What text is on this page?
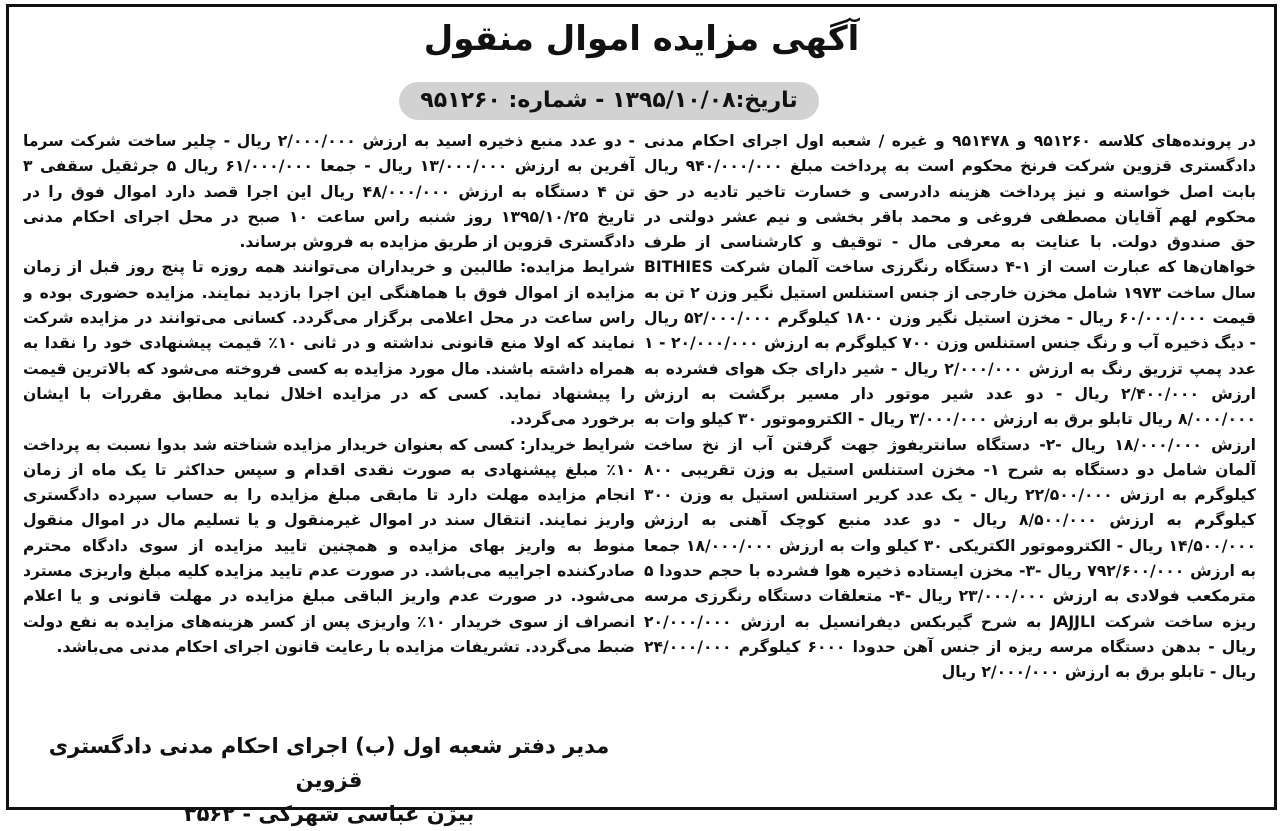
آگهی مزایده اموال منقول
تاریخ:۱۳۹۵/۱۰/۰۸ - شماره: ۹۵۱۲۶۰

در پرونده‌های کلاسه ۹۵۱۲۶۰ و ۹۵۱۴۷۸ و غیره / شعبه اول اجرای احکام مدنی دادگستری قزوین شرکت فرنخ محکوم است به پرداخت مبلغ ۹۴۰/۰۰۰/۰۰۰ ریال بابت اصل خواسته و نیز پرداخت هزینه دادرسی و خسارت تاخیر تادیه در حق محکوم لهم آقایان مصطفی فروغی و محمد باقر بخشی و نیم عشر دولتی در حق صندوق دولت. با عنایت به معرفی مال - توقیف و کارشناسی از طرف خواهان‌ها که عبارت است از ۱-۴ دستگاه رنگرزی ساخت آلمان شرکت BITHIES سال ساخت ۱۹۷۳ شامل مخزن خارجی از جنس استنلس استیل نگیر وزن ۲ تن به قیمت ۶۰/۰۰۰/۰۰۰ ریال - مخزن استیل نگیر وزن ۱۸۰۰ کیلوگرم ۵۲/۰۰۰/۰۰۰ ریال - دیگ ذخیره آب و رنگ جنس استنلس وزن ۷۰۰ کیلوگرم به ارزش ۲۰/۰۰۰/۰۰۰ - ۱ عدد پمپ تزریق رنگ به ارزش ۲/۰۰۰/۰۰۰ ریال - شیر دارای جک هوای فشرده به ارزش ۲/۴۰۰/۰۰۰ ریال - دو عدد شیر موتور دار مسیر برگشت به ارزش ۸/۰۰۰/۰۰۰ ریال تابلو برق به ارزش ۳/۰۰۰/۰۰۰ ریال - الکتروموتور ۳۰ کیلو وات به ارزش ۱۸/۰۰۰/۰۰۰ ریال -۲- دستگاه سانتریفوژ جهت گرفتن آب از نخ ساخت آلمان شامل دو دستگاه به شرح ۱- مخزن استنلس استیل به وزن تقریبی ۸۰۰ کیلوگرم به ارزش ۲۲/۵۰۰/۰۰۰ ریال - یک عدد کریر استنلس استیل به وزن ۳۰۰ کیلوگرم به ارزش ۸/۵۰۰/۰۰۰ ریال - دو عدد منبع کوچک آهنی به ارزش ۱۴/۵۰۰/۰۰۰ ریال - الکتروموتور الکتریکی ۳۰ کیلو وات به ارزش ۱۸/۰۰۰/۰۰۰ جمعا به ارزش ۷۹۲/۶۰۰/۰۰۰ ریال -۳- مخزن ایستاده ذخیره هوا فشرده با حجم حدودا ۵ مترمکعب فولادی به ارزش ۲۳/۰۰۰/۰۰۰ ریال -۴- متعلقات دستگاه رنگرزی مرسه ریزه ساخت شرکت JAJJLI به شرح گیربکس دیفرانسیل به ارزش ۲۰/۰۰۰/۰۰۰ ریال - بدهن دستگاه مرسه ریزه از جنس آهن حدودا ۶۰۰۰ کیلوگرم ۲۴/۰۰۰/۰۰۰ ریال - تابلو برق به ارزش ۲/۰۰۰/۰۰۰ ریال

- دو عدد منبع ذخیره اسید به ارزش ۲/۰۰۰/۰۰۰ ریال - چلیر ساخت شرکت سرما آفرین به ارزش ۱۳/۰۰۰/۰۰۰ ریال - جمعا ۶۱/۰۰۰/۰۰۰ ریال ۵ جرثقیل سقفی ۳ تن ۴ دستگاه به ارزش ۴۸/۰۰۰/۰۰۰ ریال این اجرا قصد دارد اموال فوق را در تاریخ ۱۳۹۵/۱۰/۲۵ روز شنبه راس ساعت ۱۰ صبح در محل اجرای احکام مدنی دادگستری قزوین از طریق مزایده به فروش برساند.

شرایط مزایده: طالبین و خریداران می‌توانند همه روزه تا پنج روز قبل از زمان مزایده از اموال فوق با هماهنگی این اجرا بازدید نمایند. مزایده حضوری بوده و راس ساعت در محل اعلامی برگزار می‌گردد. کسانی می‌توانند در مزایده شرکت نمایند که اولا منع قانونی نداشته و در ثانی ۱۰٪ قیمت پیشنهادی خود را نقدا به همراه داشته باشند. مال مورد مزایده به کسی فروخته می‌شود که بالاترین قیمت را پیشنهاد نماید. کسی که در مزایده اخلال نماید مطابق مقررات با ایشان برخورد می‌گردد.

شرایط خریدار: کسی که بعنوان خریدار مزایده شناخته شد بدوا نسبت به پرداخت ۱۰٪ مبلغ پیشنهادی به صورت نقدی اقدام و سپس حداکثر تا یک ماه از زمان انجام مزایده مهلت دارد تا مابقی مبلغ مزایده را به حساب سپرده دادگستری واریز نمایند. انتقال سند در اموال غیرمنقول و یا تسلیم مال در اموال منقول منوط به واریز بهای مزایده و همچنین تایید مزایده از سوی دادگاه محترم صادرکننده اجراییه می‌باشد. در صورت عدم تایید مزایده کلیه مبلغ واریزی مسترد می‌شود. در صورت عدم واریز الباقی مبلغ مزایده در مهلت قانونی و یا اعلام انصراف از سوی خریدار ۱۰٪ واریزی پس از کسر هزینه‌های مزایده به نفع دولت ضبط می‌گردد. تشریفات مزایده با رعایت قانون اجرای احکام مدنی می‌باشد.

مدیر دفتر شعبه اول (ب) اجرای احکام مدنی دادگستری قزوین
بیژن عباسی شهرکی - ۳۵۶۲
